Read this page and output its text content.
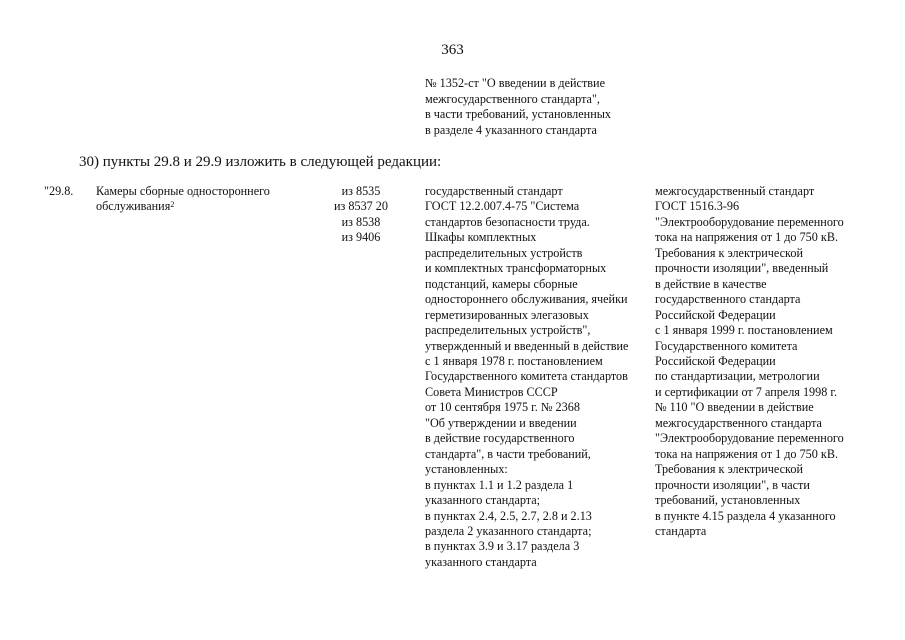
363
№ 1352-ст "О введении в действие
межгосударственного стандарта",
в части требований, установленных
в разделе 4 указанного стандарта
30) пункты 29.8 и 29.9 изложить в следующей редакции:
"29.8. Камеры сборные одностороннего
обслуживания$^2$
из 8535
из 8537 20
из 8538
из 9406
государственный стандарт
ГОСТ 12.2.007.4-75 "Система
стандартов безопасности труда.
Шкафы комплектных
распределительных устройств
и комплектных трансформаторных
подстанций, камеры сборные
одностороннего обслуживания, ячейки
герметизированных элегазовых
распределительных устройств",
утвержденный и введенный в действие
с 1 января 1978 г. постановлением
Государственного комитета стандартов
Совета Министров СССР
от 10 сентября 1975 г. № 2368
"Об утверждении и введении
в действие государственного
стандарта", в части требований,
установленных:
в пунктах 1.1 и 1.2 раздела 1
указанного стандарта;
в пунктах 2.4, 2.5, 2.7, 2.8 и 2.13
раздела 2 указанного стандарта;
в пунктах 3.9 и 3.17 раздела 3
указанного стандарта
межгосударственный стандарт
ГОСТ 1516.3-96
"Электрооборудование переменного
тока на напряжения от 1 до 750 кВ.
Требования к электрической
прочности изоляции", введенный
в действие в качестве
государственного стандарта
Российской Федерации
с 1 января 1999 г. постановлением
Государственного комитета
Российской Федерации
по стандартизации, метрологии
и сертификации от 7 апреля 1998 г.
№ 110 "О введении в действие
межгосударственного стандарта
"Электрооборудование переменного
тока на напряжения от 1 до 750 кВ.
Требования к электрической
прочности изоляции", в части
требований, установленных
в пункте 4.15 раздела 4 указанного
стандарта
